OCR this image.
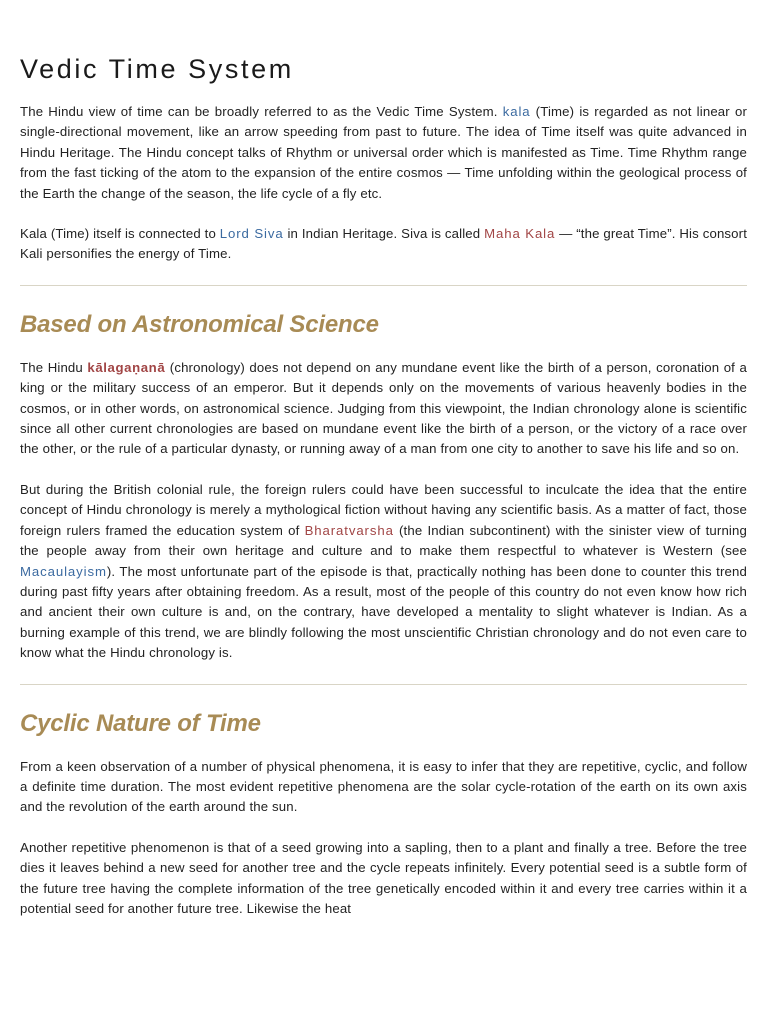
Vedic Time System

The Hindu view of time can be broadly referred to as the Vedic Time System. kala (Time) is regarded as not linear or single-directional movement, like an arrow speeding from past to future. The idea of Time itself was quite advanced in Hindu Heritage. The Hindu concept talks of Rhythm or universal order which is manifested as Time. Time Rhythm range from the fast ticking of the atom to the expansion of the entire cosmos — Time unfolding within the geological process of the Earth the change of the season, the life cycle of a fly etc.

Kala (Time) itself is connected to Lord Siva in Indian Heritage. Siva is called Maha Kala — “the great Time”. His consort Kali personifies the energy of Time.

Based on Astronomical Science

The Hindu kālagaṇanā (chronology) does not depend on any mundane event like the birth of a person, coronation of a king or the military success of an emperor. But it depends only on the movements of various heavenly bodies in the cosmos, or in other words, on astronomical science. Judging from this viewpoint, the Indian chronology alone is scientific since all other current chronologies are based on mundane event like the birth of a person, or the victory of a race over the other, or the rule of a particular dynasty, or running away of a man from one city to another to save his life and so on.

But during the British colonial rule, the foreign rulers could have been successful to inculcate the idea that the entire concept of Hindu chronology is merely a mythological fiction without having any scientific basis. As a matter of fact, those foreign rulers framed the education system of Bharatvarsha (the Indian subcontinent) with the sinister view of turning the people away from their own heritage and culture and to make them respectful to whatever is Western (see Macaulayism). The most unfortunate part of the episode is that, practically nothing has been done to counter this trend during past fifty years after obtaining freedom. As a result, most of the people of this country do not even know how rich and ancient their own culture is and, on the contrary, have developed a mentality to slight whatever is Indian. As a burning example of this trend, we are blindly following the most unscientific Christian chronology and do not even care to know what the Hindu chronology is.

Cyclic Nature of Time

From a keen observation of a number of physical phenomena, it is easy to infer that they are repetitive, cyclic, and follow a definite time duration. The most evident repetitive phenomena are the solar cycle-rotation of the earth on its own axis and the revolution of the earth around the sun.

Another repetitive phenomenon is that of a seed growing into a sapling, then to a plant and finally a tree. Before the tree dies it leaves behind a new seed for another tree and the cycle repeats infinitely. Every potential seed is a subtle form of the future tree having the complete information of the tree genetically encoded within it and every tree carries within it a potential seed for another future tree. Likewise the heat
